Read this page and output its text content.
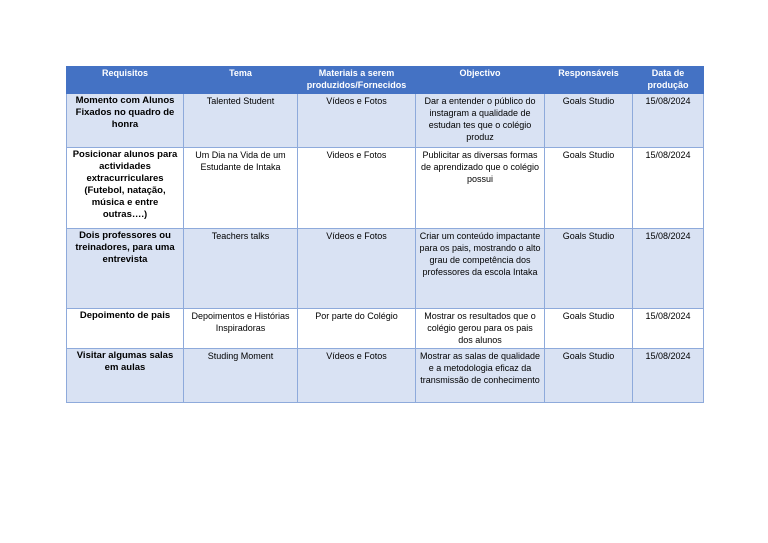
Requisitos	Tema	Materiais a serem produzidos/Fornecidos	Objectivo	Responsáveis	Data de produção
Momento com Alunos Fixados no quadro de honra	Talented Student	Vídeos e Fotos	Dar a entender o público do instagram a qualidade de estudan tes que o colégio produz	Goals Studio	15/08/2024
Posicionar alunos para actividades extracurriculares (Futebol, natação, música e entre outras….)	Um Dia na Vida de um Estudante de Intaka	Videos e Fotos	Publicitar as diversas formas de aprendizado que o colégio possui	Goals Studio	15/08/2024
Dois professores ou treinadores, para uma entrevista	Teachers talks	Vídeos e Fotos	Criar um conteúdo impactante para os pais, mostrando o alto grau de competência dos professores da escola Intaka	Goals Studio	15/08/2024
Depoimento de pais	Depoimentos e Histórias Inspiradoras	Por parte do Colégio	Mostrar os resultados que o colégio gerou para os pais dos alunos	Goals Studio	15/08/2024
Visitar algumas salas em aulas	Studing Moment	Vídeos e Fotos	Mostrar as salas de qualidade e a metodologia eficaz da transmissão de conhecimento	Goals Studio	15/08/2024
